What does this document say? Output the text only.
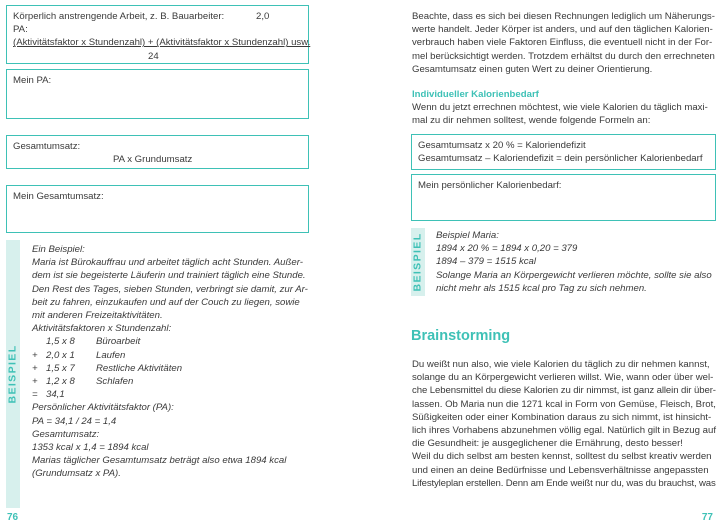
Körperlich anstrengende Arbeit, z. B. Bauarbeiter:	2,0
PA:
(Aktivitätsfaktor x Stundenzahl) + (Aktivitätsfaktor x Stundenzahl) usw.
24
Mein PA:
Gesamtumsatz:
PA x Grundumsatz
Mein Gesamtumsatz:
BEISPIEL
Ein Beispiel:
Maria ist Bürokauffrau und arbeitet täglich acht Stunden. Außer-
dem ist sie begeisterte Läuferin und trainiert täglich eine Stunde.
Den Rest des Tages, sieben Stunden, verbringt sie damit, zur Ar-
beit zu fahren, einzukaufen und auf der Couch zu liegen, sowie
mit anderen Freizeitaktivitäten.
Aktivitätsfaktoren x Stundenzahl:
1,5 x 8	Büroarbeit
+ 2,0 x 1	Laufen
+ 1,5 x 7	Restliche Aktivitäten
+ 1,2 x 8	Schlafen
= 34,1
Persönlicher Aktivitätsfaktor (PA):
PA = 34,1 / 24 = 1,4
Gesamtumsatz:
1353 kcal x 1,4 = 1894 kcal
Marias täglicher Gesamtumsatz beträgt also etwa 1894 kcal
(Grundumsatz x PA).
76
Beachte, dass es sich bei diesen Rechnungen lediglich um Näherungs-
werte handelt. Jeder Körper ist anders, und auf den täglichen Kalorien-
verbrauch haben viele Faktoren Einfluss, die eventuell nicht in der For-
mel berücksichtigt werden. Trotzdem erhältst du durch den errechneten
Gesamtumsatz einen guten Wert zu deiner Orientierung.
Individueller Kalorienbedarf
Wenn du jetzt errechnen möchtest, wie viele Kalorien du täglich maxi-
mal zu dir nehmen solltest, wende folgende Formeln an:
Gesamtumsatz x 20 % = Kaloriendefizit
Gesamtumsatz – Kaloriendefizit = dein persönlicher Kalorienbedarf
Mein persönlicher Kalorienbedarf:
BEISPIEL Beispiel Maria:
1894 x 20 % = 1894 x 0,20 = 379
1894 – 379 = 1515 kcal
Solange Maria an Körpergewicht verlieren möchte, sollte sie also
nicht mehr als 1515 kcal pro Tag zu sich nehmen.
Brainstorming
Du weißt nun also, wie viele Kalorien du täglich zu dir nehmen kannst,
solange du an Körpergewicht verlieren willst. Wie, wann oder über wel-
che Lebensmittel du diese Kalorien zu dir nimmst, ist ganz allein dir über-
lassen. Ob Maria nun die 1271 kcal in Form von Gemüse, Fleisch, Brot,
Süßigkeiten oder einer Kombination daraus zu sich nimmt, ist hinsicht-
lich ihres Vorhabens abzunehmen völlig egal. Natürlich gilt in Bezug auf
die Gesundheit: je ausgeglichener die Ernährung, desto besser!
Weil du dich selbst am besten kennst, solltest du selbst kreativ werden
und einen an deine Bedürfnisse und Lebensverhältnisse angepassten
Lifestyleplan erstellen. Denn am Ende weißt nur du, was du brauchst, was
77
